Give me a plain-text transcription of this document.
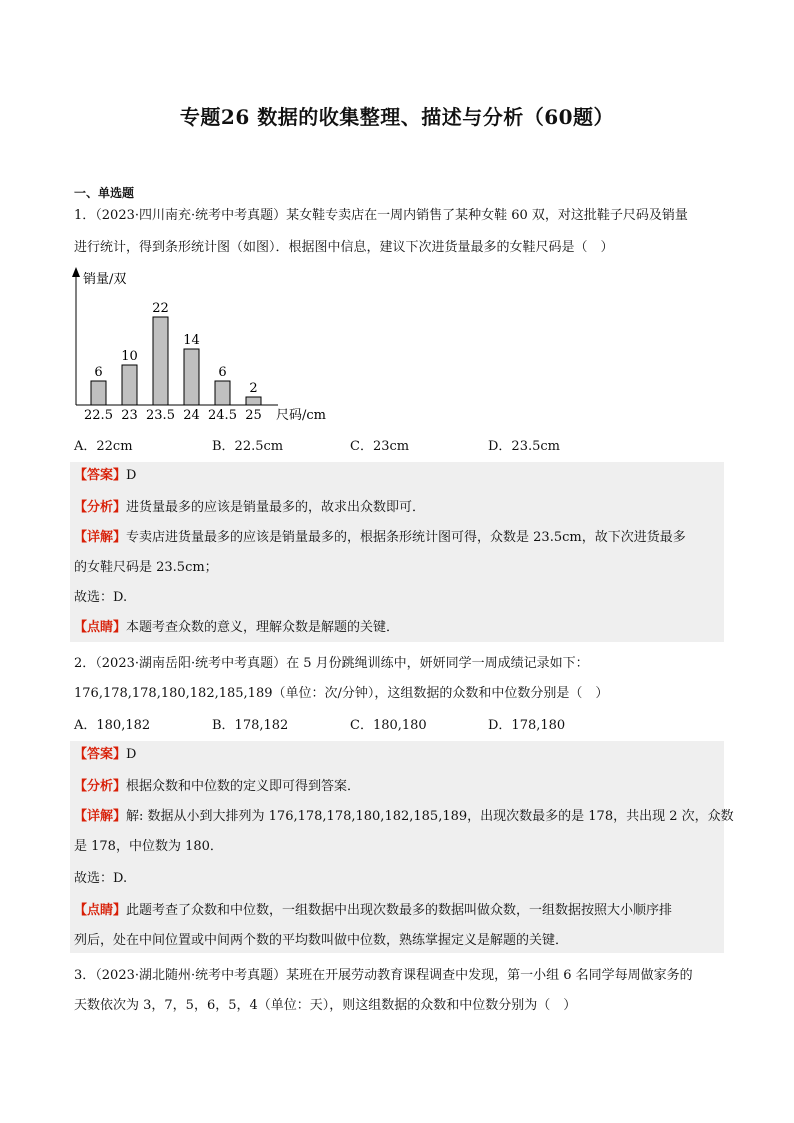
专题26 数据的收集整理、描述与分析（60题）
一、单选题
1．（2023·四川南充·统考中考真题）某女鞋专卖店在一周内销售了某种女鞋 60 双，对这批鞋子尺码及销量
进行统计，得到条形统计图（如图）．根据图中信息，建议下次进货量最多的女鞋尺码是（　）
销量/双
尺码/cm
6
22.5
10
23
22
23.5
14
24
6
24.5
2
25
A．22cm	B．22.5cm	C．23cm	D．23.5cm
【答案】D
【分析】进货量最多的应该是销量最多的，故求出众数即可．
【详解】专卖店进货量最多的应该是销量最多的，根据条形统计图可得，众数是 23.5cm，故下次进货最多
的女鞋尺码是 23.5cm；
故选：D.
【点睛】本题考查众数的意义，理解众数是解题的关键．
2．（2023·湖南岳阳·统考中考真题）在 5 月份跳绳训练中，妍妍同学一周成绩记录如下：
176,178,178,180,182,185,189（单位：次/分钟），这组数据的众数和中位数分别是（　）
A．180,182	B．178,182	C．180,180	D．178,180
【答案】D
【分析】根据众数和中位数的定义即可得到答案．
【详解】解: 数据从小到大排列为 176,178,178,180,182,185,189，出现次数最多的是 178，共出现 2 次，众数
是 178，中位数为 180．
故选：D.
【点睛】此题考查了众数和中位数，一组数据中出现次数最多的数据叫做众数，一组数据按照大小顺序排
列后，处在中间位置或中间两个数的平均数叫做中位数，熟练掌握定义是解题的关键．
3．（2023·湖北随州·统考中考真题）某班在开展劳动教育课程调查中发现，第一小组 6 名同学每周做家务的
天数依次为 3，7，5，6，5，4（单位：天），则这组数据的众数和中位数分别为（　）
